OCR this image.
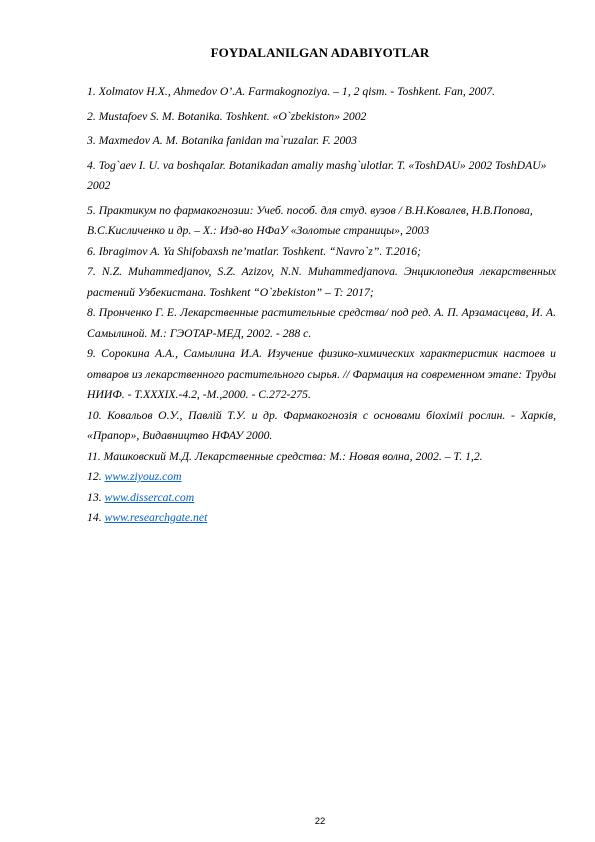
FOYDALANILGAN ADABIYOTLAR
1. Xolmatov H.X., Ahmedov O’.A. Farmakognoziya. – 1, 2 qism. - Toshkent. Fan, 2007.
2. Mustafoev S. M. Botanika. Toshkent. «O`zbekiston» 2002
3. Maxmedov A. M. Botanika fanidan ma`ruzalar. F. 2003
4. Tog`aev I. U. va boshqalar. Botanikadan amaliy mashg`ulotlar. T. «ToshDAU» 2002 ToshDAU» 2002
5. Практикум по фармакогнозии: Учеб. пособ. для студ. вузов / В.Н.Ковалев, Н.В.Попова, В.С.Кисличенко и др. – Х.: Изд-во НФаУ «Золотые страницы», 2003
6. Ibragimov A. Ya Shifobaxsh ne’matlar. Toshkent. “Navro`z”. T.2016;
7. N.Z. Muhammedjanov, S.Z. Azizov, N.N. Muhammedjanova. Энциклопедия лекарственных растений Узбекистана. Toshkent “O`zbekiston” – T: 2017;
8. Пронченко Г. Е. Лекарственные растительные средства/ под ред. А. П. Арзамасцева, И. А. Самылиной. М.: ГЭОТАР-МЕД, 2002. - 288 с.
9. Сорокина А.А., Самылина И.А. Изучение физико-химических характеристик настоев и отваров из лекарственного растительного сырья. // Фармация на современном этапе: Труды НИИФ. - Т.XXXIX.-4.2, -М.,2000. - С.272-275.
10. Ковальов О.У., Павлiй Т.У. и др. Фармакогнозiя с основами бiохiмii рослин. - Харкiв, «Прапор», Видавництво НФАУ 2000.
11. Машковский М.Д. Лекарственные средства: М.: Новая волна, 2002. – Т. 1,2.
12. www.ziyouz.com
13. www.dissercat.com
14. www.researchgate.net
22
